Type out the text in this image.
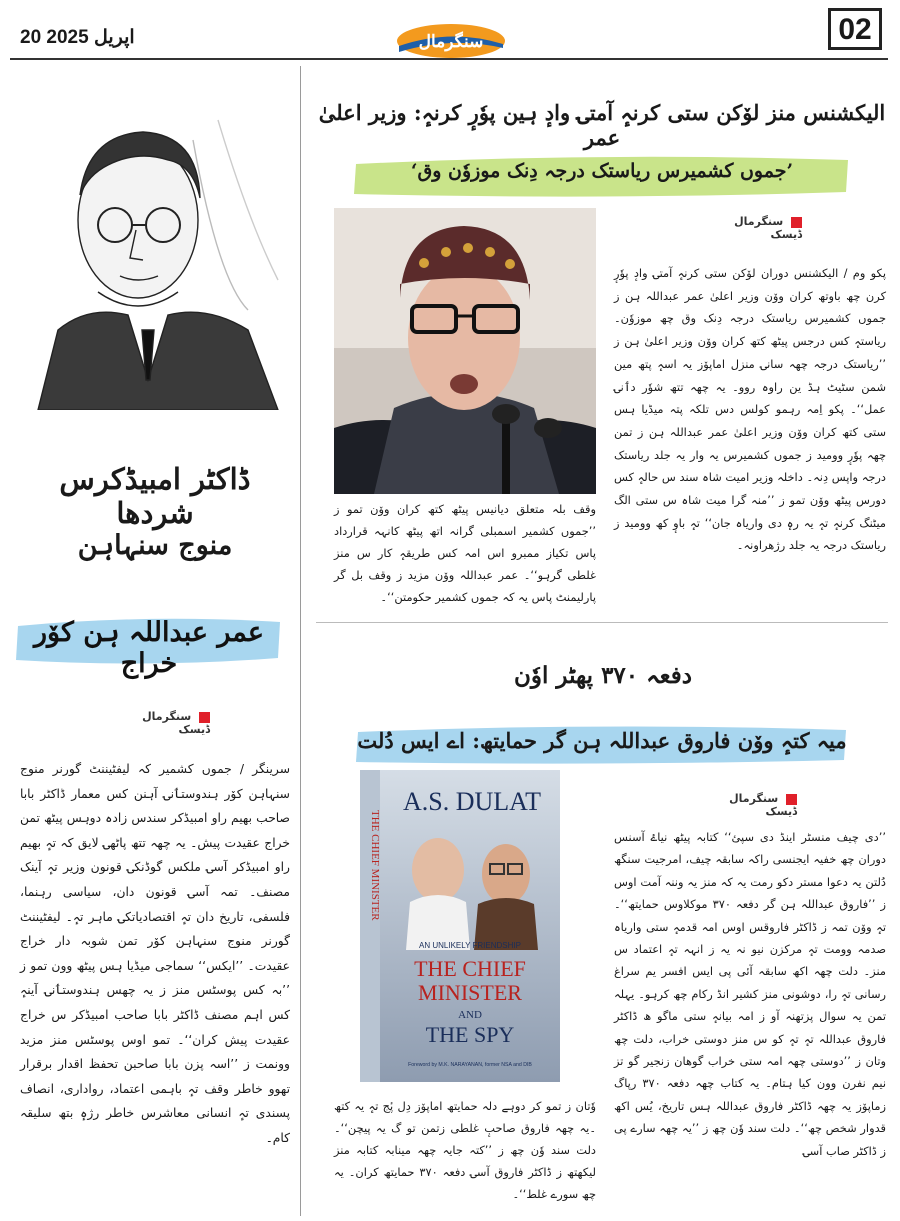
20 اپریل 2025	سنگرمال	02
ڈاکٹر امبیڈکرس شردھا
منوج سنہاہن
عمر عبداللہ ہن کوٚر خراج
سنگرمال ڈیسک
سرینگر / جموں کشمیر کہ لیفٹیننٹ گورنر منوج سنہاہن کوٚر ہندوستٲنۍ آہنن کس معمار ڈاکٹر بابا صاحب بھیم راو امبیڈکر سندس زادہ دوہس پیٹھ تمن خراج عقیدت پیش۔ یہ چھہ تتھ پاٹھۍ لایق کہ تہٕ بھیم راو امبیڈکر آسۍ ملکس گوڈنکۍ قونون وزیر تہٕ آینک مصنف۔ تمہ آسۍ قونون دان، سیاسی رہنما، فلسفی، تاریخ دان تہٕ اقتصادیاتکۍ ماہر تہٕ۔ لیفٹیننٹ گورنر منوج سنہاہن کوٚر تمن شوبہ دار خراج عقیدت۔ ’’ایکس‘‘ سماجی میڈیا ہس پیٹھ وون تمو ز ’’بہ کس پوسٹس منز ز یہ چھس ہندوستٲنۍ آینہٕ کس اہم مصنف ڈاکٹر بابا صاحب امبیڈکر س خراج عقیدت پیش کران‘‘۔ تمو اوس پوسٹس منز مزید وونمت ز ’’اسہ پزن بابا صاحبن تحفظ اقدار برقرار تھوو خاطر وقف تہٕ باہمی اعتماد، رواداری، انصاف پسندی تہٕ انسانی معاشرس خاطر رژہٕ بتھ سلیقہ کام۔
الیکشنس منز لۆکن ستی کرنہٕ آمتۍ وادٕ ہین پوٗرٕ کرنہٕ: وزیر اعلیٰ عمر
’جموں کشمیرس ریاستک درجہ دِنک موزوٗن وق‘
وقف بلہ متعلق دیانیس پیٹھ کتھ کران ووٚن تمو ز ’’جموں کشمیر اسمبلی گرانہ اتھ پیٹھ کانہہ قرارداد پاس تکیاز ممبرو اس امہ کس طریقہٕ کار س منز غلطی گرہو‘‘۔ عمر عبداللہ ووٚن مزید ز وقف بل گر پارلیمنٹ پاس یہ کہ جموں کشمیر حکومتن‘‘۔
سنگرمال ڈیسک
پکو وم / الیکشنس دوران لۆکن ستی کرنہٕ آمتۍ وادٕ پوٗرٕ کرن چھ باوتھ کران ووٚن وزیر اعلیٰ عمر عبداللہ ہن ز جموں کشمیرس ریاستک درجہ دِنک وق چھ موزوٗن۔ ریاستہٕ کس درجس پیٹھ کتھ کران ووٚن وزیر اعلیٰ ہن ز ’’ریاستک درجہ چھہ سانۍ منزل اماپۆز یہ اسہٕ پتھ مین شمن سٹیٹ ہڈ ین راوہ روو۔ یہ چھہ تتھ شوٗر دٲنۍ عمل‘‘۔ پکو اِمہ رہمو کولس دس تلکہ پتہ میڈیا ہس ستی کتھ کران ووٚن وزیر اعلیٰ عمر عبداللہ ہن ز تمن چھہ پوٗرٕ وومید ز جموں کشمیرس یہ وار یہ جلد ریاستک درجہ واپس دِنہ۔ داخلہ وزیر امیت شاہ سند س حالہٕ کس دورس پیٹھ ووٚن تمو ز ’’منہ گرا میت شاہ س ستی الگ میٹنگ کرنہٕ تہٕ یہ رہٕ دی واریاہ جان‘‘ تہٕ باوٕ کھ وومید ز ریاستک درجہ یہ جلد رژھراونہ۔
دفعہ ۳۷۰ پھٹر اوٗن
میہ کتہٕ ووٚن فاروق عبداللہ ہن گر حمایتھ: اے ایس دُلت
THE CHIEF MINISTER
A.S. DULAT
AN UNLIKELY FRIENDSHIP
THE CHIEF
MINISTER
AND
THE SPY
Foreword by M.K. NARAYANAN, former NSA and DIB
وٗتان ز تمو کر دوہے دلہ حمایتھ اماپۆز دِل پٔج تہٕ یہ کتھ ۔یہ چھہ فاروق صاحبٕ غلطی زتمن تو گ یہ پیچن‘‘۔ دلت سند وٗن چھ ز ’’کتہ جایہ چھہ مینابہ کتابہ منز لیکھتھ ز ڈاکٹر فاروق آسۍ دفعہ ۳۷۰ حمایتھ کران۔ یہ چھ سورے غلط‘‘۔
سنگرمال ڈیسک
’’دی چیف منسٹر اینڈ دی سپیٔ‘‘ کتابہ پیٹھ نیاۓ آسنس دوران چھ خفیہ ایجنسی راکہ سابقہ چیف، امرجیت سنگھ دُلتن یہ دعوا مستر دکو رمت یہ کہ منز یہ وننہ آمت اوس ز ’’فاروق عبداللہ ہن گر دفعہ ۳۷۰ موکلاوس حمایتھ‘‘۔ تہٕ ووٚن تمہ ز ڈاکٹر فاروقس اوس امہ قدمہٕ ستی واریاہ صدمہ وومت تہٕ مرکزن نیو نہ یہ ز انہہ تہٕ اعتماد س منز۔ دلت چھہ اکھ سابقہ آئی پی ایس افسر یم سراغ رسانی تہٕ را، دوشونی منز کشیر انڈ رکام چھ کرہو۔ یہلہ تمن یہ سوال پزتھنہ آو ز امہ بیانہٕ ستی ماگو ھ ڈاکٹر فاروق عبداللہ تہٕ تہٕ کو س منز دوستی خراب، دلت چھ وتان ز ’’دوستی چھہ امہ ستی خراب گوھان زنجیر گو تز نیم نفرن وون کیا ہتام۔ یہ کتاب چھہ دفعہ ۳۷۰ رپاگ زماپۆز یہ چھہ ڈاکٹر فاروق عبداللہ ہس تاریخ، یُس اکھ قدوار شخص چھ‘‘۔ دلت سند وٗن چھ ز ’’یہ چھہ سارے پی ز ڈاکٹر صاب آسۍ
